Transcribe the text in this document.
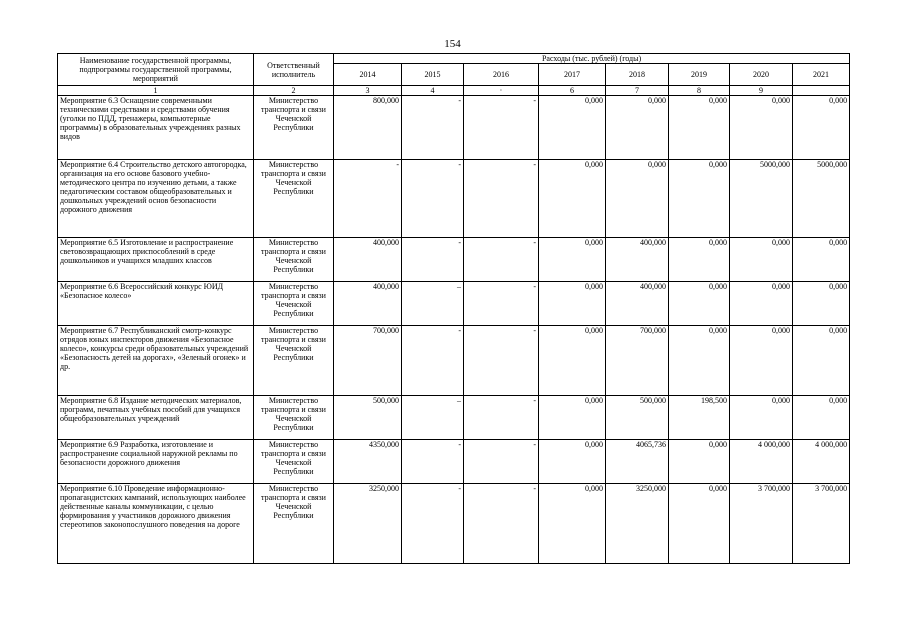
154
Наименование государственной программы, подпрограммы государственной программы, мероприятий	Ответственный исполнитель	Расходы (тыс. рублей) (годы)							
		2014	2015	2016	2017	2018	2019	2020	2021
1	2	3	4	·	6	7	8	9	
Мероприятие 6.3 Оснащение современными техническими средствами и средствами обучения (уголки по ПДД, тренажеры, компьютерные программы) в образовательных учреждениях разных видов	Министерство транспорта и связи Чеченской Республики	800,000	-	-	0,000	0,000	0,000	0,000	0,000
Мероприятие 6.4 Строительство детского автогородка, организация на его основе базового учебно-методического центра по изучению детьми, а также педагогическим составом общеобразовательных и дошкольных учреждений основ безопасности дорожного движения	Министерство транспорта и связи Чеченской Республики	-	-	-	0,000	0,000	0,000	5000,000	5000,000
Мероприятие 6.5 Изготовление и распространение световозвращающих приспособлений в среде дошкольников и учащихся младших классов	Министерство транспорта и связи Чеченской Республики	400,000	-	-	0,000	400,000	0,000	0,000	0,000
Мероприятие 6.6 Всероссийский конкурс ЮИД «Безопасное колесо»	Министерство транспорта и связи Чеченской Республики	400,000	–	-	0,000	400,000	0,000	0,000	0,000
Мероприятие 6.7 Республиканский смотр-конкурс отрядов юных инспекторов движения «Безопасное колесо», конкурсы среди образовательных учреждений «Безопасность детей на дорогах», «Зеленый огонек» и др.	Министерство транспорта и связи Чеченской Республики	700,000	-	-	0,000	700,000	0,000	0,000	0,000
Мероприятие 6.8 Издание методических материалов, программ, печатных учебных пособий для учащихся общеобразовательных учреждений	Министерство транспорта и связи Чеченской Республики	500,000	–	-	0,000	500,000	198,500	0,000	0,000
Мероприятие 6.9 Разработка, изготовление и распространение социальной наружной рекламы по безопасности дорожного движения	Министерство транспорта и связи Чеченской Республики	4350,000	-	-	0,000	4065,736	0,000	4 000,000	4 000,000
Мероприятие 6.10 Проведение информационно-пропагандистских кампаний, использующих наиболее действенные каналы коммуникации, с целью формирования у участников дорожного движения стереотипов законопослушного поведения на дороге	Министерство транспорта и связи Чеченской Республики	3250,000	-	-	0,000	3250,000	0,000	3 700,000	3 700,000
